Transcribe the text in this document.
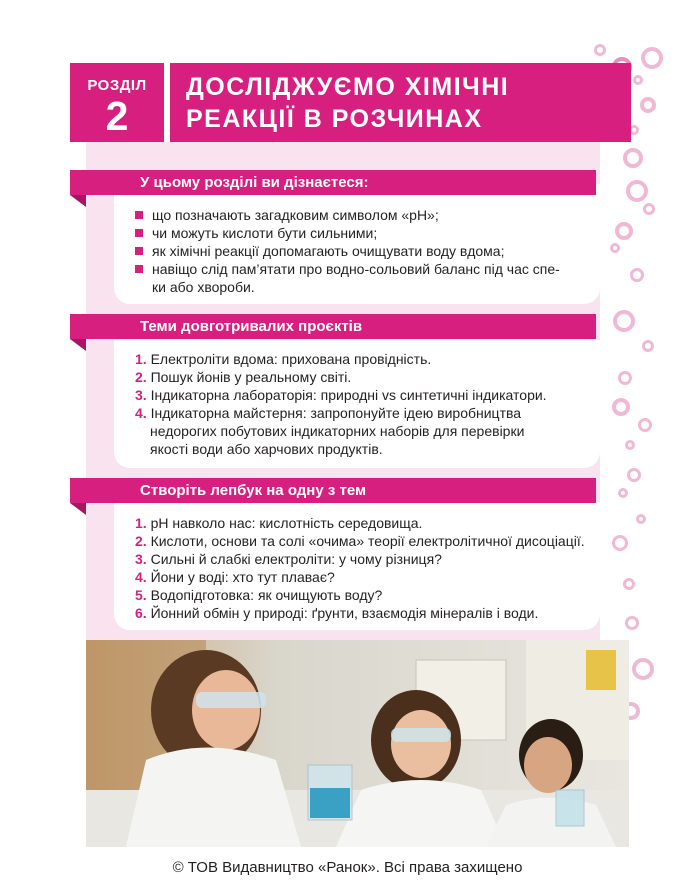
РОЗДІЛ
2
ДОСЛІДЖУЄМО ХІМІЧНІ
РЕАКЦІЇ В РОЗЧИНАХ
У цьому розділі ви дізнаєтеся:
що позначають загадковим символом «pH»;
чи можуть кислоти бути сильними;
як хімічні реакції допомагають очищувати воду вдома;
навіщо слід пам’ятати про водно-сольовий баланс під час спе-
ки або хвороби.
Теми довготривалих проєктів
1. Електроліти вдома: прихована провідність.
2. Пошук йонів у реальному світі.
3. Індикаторна лабораторія: природні vs синтетичні індикатори.
4. Індикаторна майстерня: запропонуйте ідею виробництва
недорогих побутових індикаторних наборів для перевірки
якості води або харчових продуктів.
Створіть лепбук на одну з тем
1. pH навколо нас: кислотність середовища.
2. Кислоти, основи та солі «очима» теорії електролітичної дисоціації.
3. Сильні й слабкі електроліти: у чому різниця?
4. Йони у воді: хто тут плаває?
5. Водопідготовка: як очищують воду?
6. Йонний обмін у природі: ґрунти, взаємодія мінералів і води.
© ТОВ Видавництво «Ранок». Всі права захищено
